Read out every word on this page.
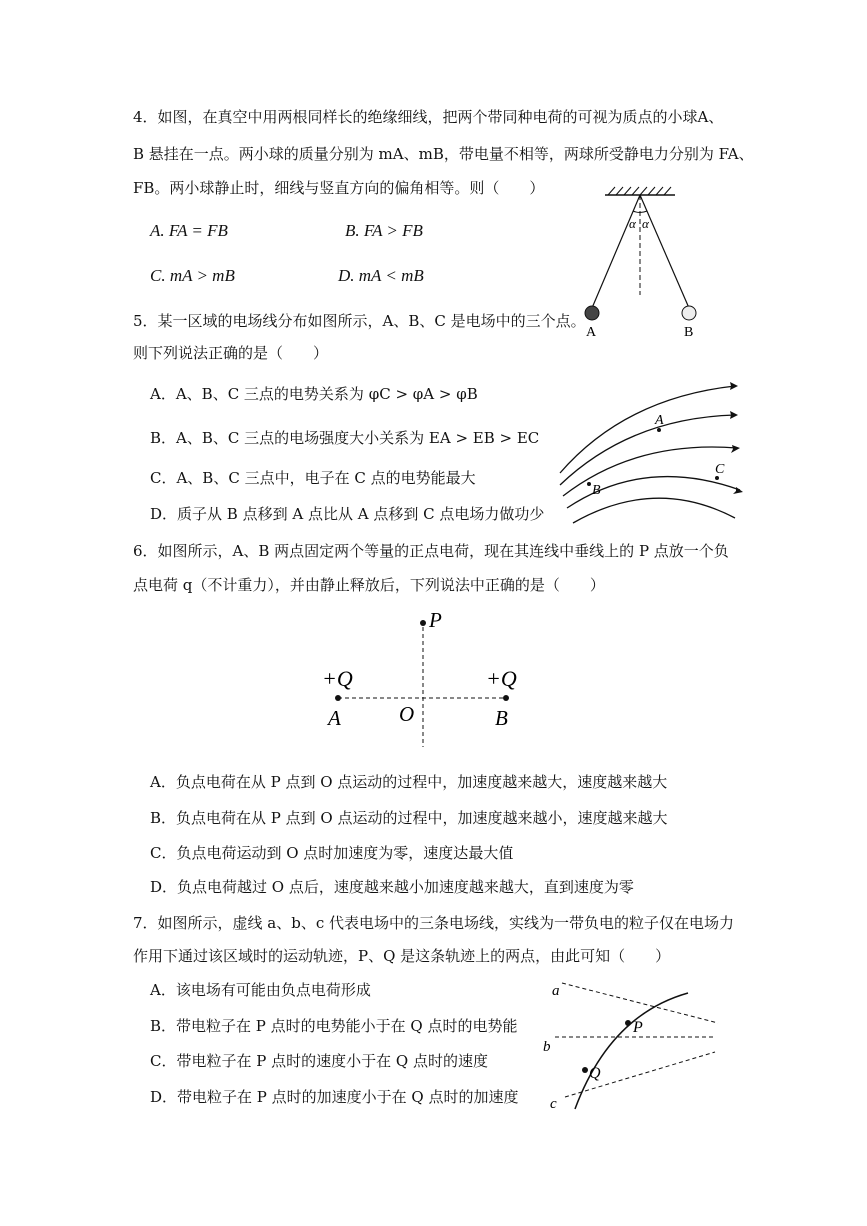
4．如图，在真空中用两根同样长的绝缘细线，把两个带同种电荷的可视为质点的小球A、
B 悬挂在一点。两小球的质量分别为 mA、mB，带电量不相等，两球所受静电力分别为 FA、
FB。两小球静止时，细线与竖直方向的偏角相等。则（　　）
A. FA = FB	B. FA > FB
C. mA > mB	D. mA < mB
α α
A	B
5．某一区域的电场线分布如图所示，A、B、C 是电场中的三个点。
则下列说法正确的是（　　）
A．A、B、C 三点的电势关系为 φC > φA > φB
B．A、B、C 三点的电场强度大小关系为 EA > EB > EC
C．A、B、C 三点中，电子在 C 点的电势能最大
D．质子从 B 点移到 A 点比从 A 点移到 C 点电场力做功少
A
B
C
6．如图所示，A、B 两点固定两个等量的正点电荷，现在其连线中垂线上的 P 点放一个负
点电荷 q（不计重力），并由静止释放后，下列说法中正确的是（　　）
P
+Q	+Q
A	O	B
A．负点电荷在从 P 点到 O 点运动的过程中，加速度越来越大，速度越来越大
B．负点电荷在从 P 点到 O 点运动的过程中，加速度越来越小，速度越来越大
C．负点电荷运动到 O 点时加速度为零，速度达最大值
D．负点电荷越过 O 点后，速度越来越小加速度越来越大，直到速度为零
7．如图所示，虚线 a、b、c 代表电场中的三条电场线，实线为一带负电的粒子仅在电场力
作用下通过该区域时的运动轨迹，P、Q 是这条轨迹上的两点，由此可知（　　）
A．该电场有可能由负点电荷形成
B．带电粒子在 P 点时的电势能小于在 Q 点时的电势能
C．带电粒子在 P 点时的速度小于在 Q 点时的速度
D．带电粒子在 P 点时的加速度小于在 Q 点时的加速度
a
b
c
P
Q
